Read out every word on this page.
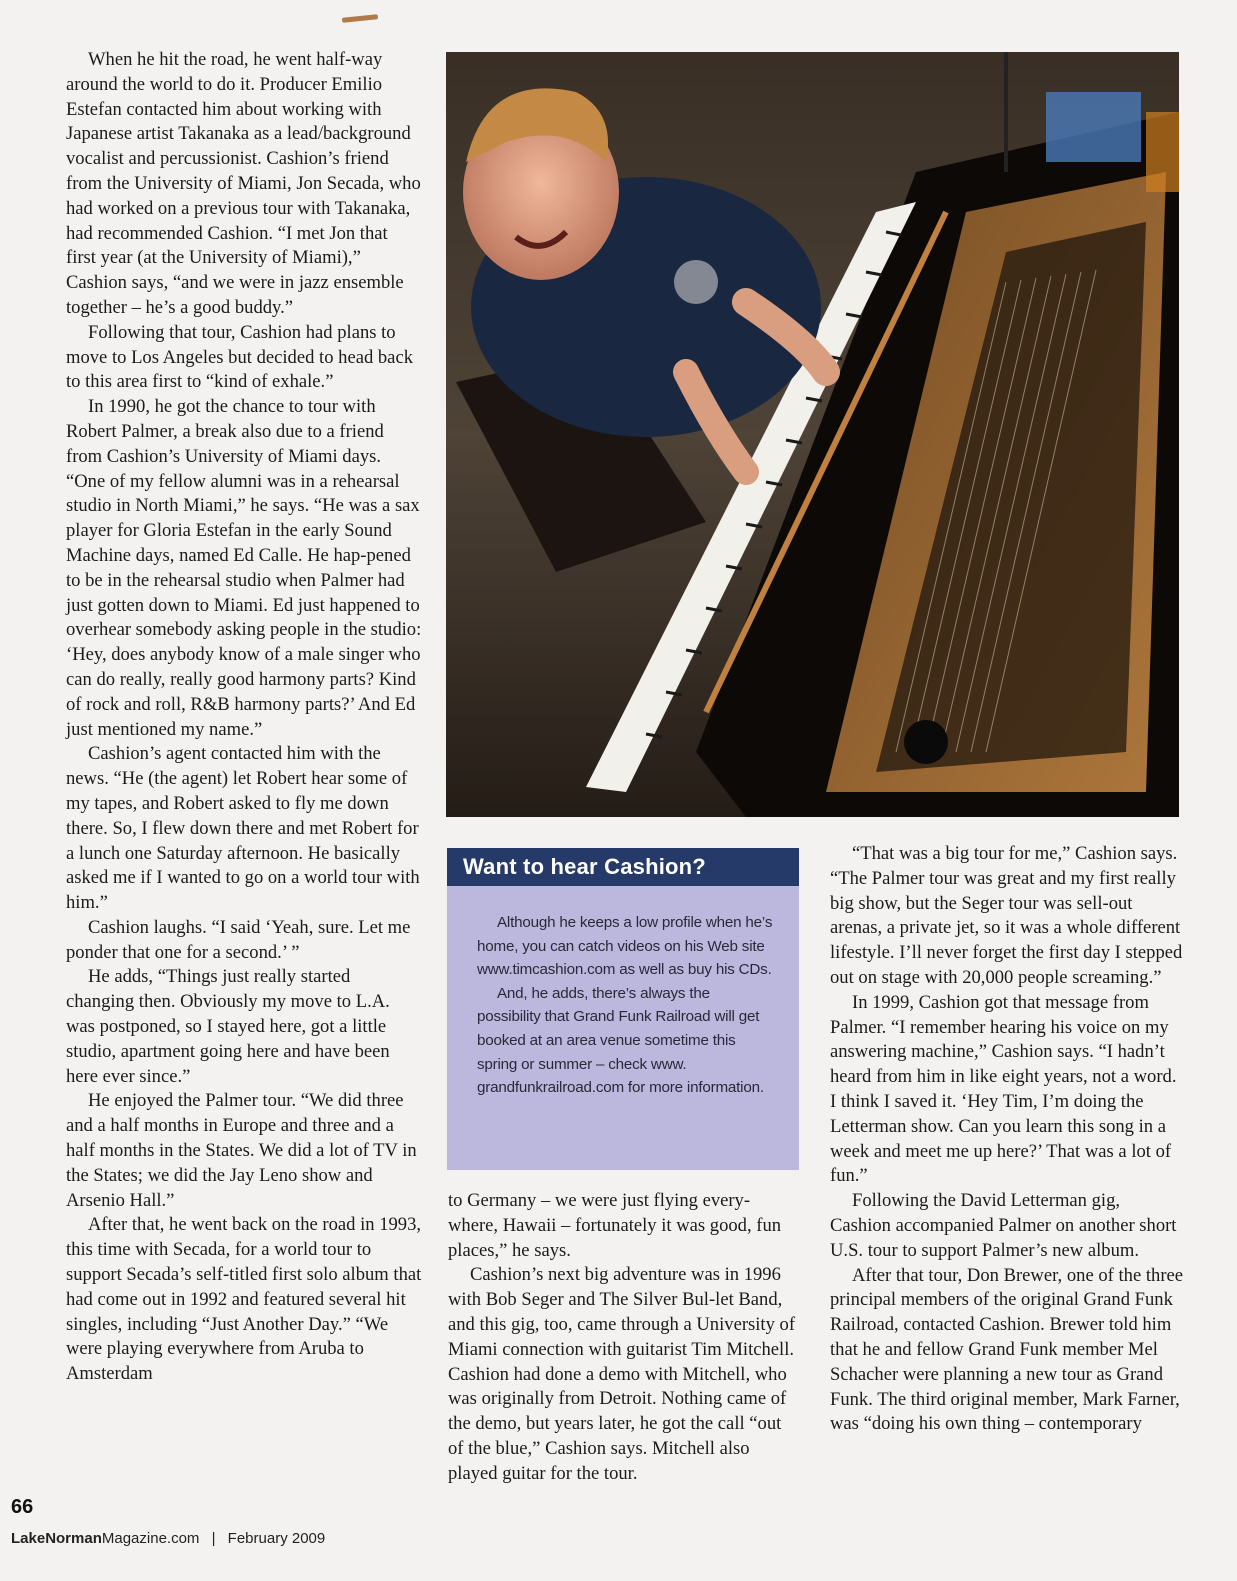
When he hit the road, he went half-way around the world to do it. Producer Emilio Estefan contacted him about working with Japanese artist Takanaka as a lead/background vocalist and percussionist. Cashion’s friend from the University of Miami, Jon Secada, who had worked on a previous tour with Takanaka, had recommended Cashion. “I met Jon that first year (at the University of Miami),” Cashion says, “and we were in jazz ensemble together – he’s a good buddy.”

Following that tour, Cashion had plans to move to Los Angeles but decided to head back to this area first to “kind of exhale.”

In 1990, he got the chance to tour with Robert Palmer, a break also due to a friend from Cashion’s University of Miami days. “One of my fellow alumni was in a rehearsal studio in North Miami,” he says. “He was a sax player for Gloria Estefan in the early Sound Machine days, named Ed Calle. He hap-pened to be in the rehearsal studio when Palmer had just gotten down to Miami. Ed just happened to overhear somebody asking people in the studio: ‘Hey, does anybody know of a male singer who can do really, really good harmony parts? Kind of rock and roll, R&B harmony parts?’ And Ed just mentioned my name.”

Cashion’s agent contacted him with the news. “He (the agent) let Robert hear some of my tapes, and Robert asked to fly me down there. So, I flew down there and met Robert for a lunch one Saturday afternoon. He basically asked me if I wanted to go on a world tour with him.”

Cashion laughs. “I said ‘Yeah, sure. Let me ponder that one for a second.’ ”

He adds, “Things just really started changing then. Obviously my move to L.A. was postponed, so I stayed here, got a little studio, apartment going here and have been here ever since.”

He enjoyed the Palmer tour. “We did three and a half months in Europe and three and a half months in the States. We did a lot of TV in the States; we did the Jay Leno show and Arsenio Hall.”

After that, he went back on the road in 1993, this time with Secada, for a world tour to support Secada’s self-titled first solo album that had come out in 1992 and featured several hit singles, including “Just Another Day.” “We were playing everywhere from Aruba to Amsterdam

Want to hear Cashion?

Although he keeps a low profile when he’s home, you can catch videos on his Web site www.timcashion.com as well as buy his CDs.

And, he adds, there’s always the possibility that Grand Funk Railroad will get booked at an area venue sometime this spring or summer – check www. grandfunkrailroad.com for more information.

to Germany – we were just flying every-where, Hawaii – fortunately it was good, fun places,” he says.

Cashion’s next big adventure was in 1996 with Bob Seger and The Silver Bul-let Band, and this gig, too, came through a University of Miami connection with guitarist Tim Mitchell. Cashion had done a demo with Mitchell, who was originally from Detroit. Nothing came of the demo, but years later, he got the call “out of the blue,” Cashion says. Mitchell also played guitar for the tour.

“That was a big tour for me,” Cashion says. “The Palmer tour was great and my first really big show, but the Seger tour was sell-out arenas, a private jet, so it was a whole different lifestyle. I’ll never forget the first day I stepped out on stage with 20,000 people screaming.”

In 1999, Cashion got that message from Palmer. “I remember hearing his voice on my answering machine,” Cashion says. “I hadn’t heard from him in like eight years, not a word. I think I saved it. ‘Hey Tim, I’m doing the Letterman show. Can you learn this song in a week and meet me up here?’ That was a lot of fun.”

Following the David Letterman gig, Cashion accompanied Palmer on another short U.S. tour to support Palmer’s new album.

After that tour, Don Brewer, one of the three principal members of the original Grand Funk Railroad, contacted Cashion. Brewer told him that he and fellow Grand Funk member Mel Schacher were planning a new tour as Grand Funk. The third original member, Mark Farner, was “doing his own thing – contemporary

66
LakeNormanMagazine.com | February 2009
